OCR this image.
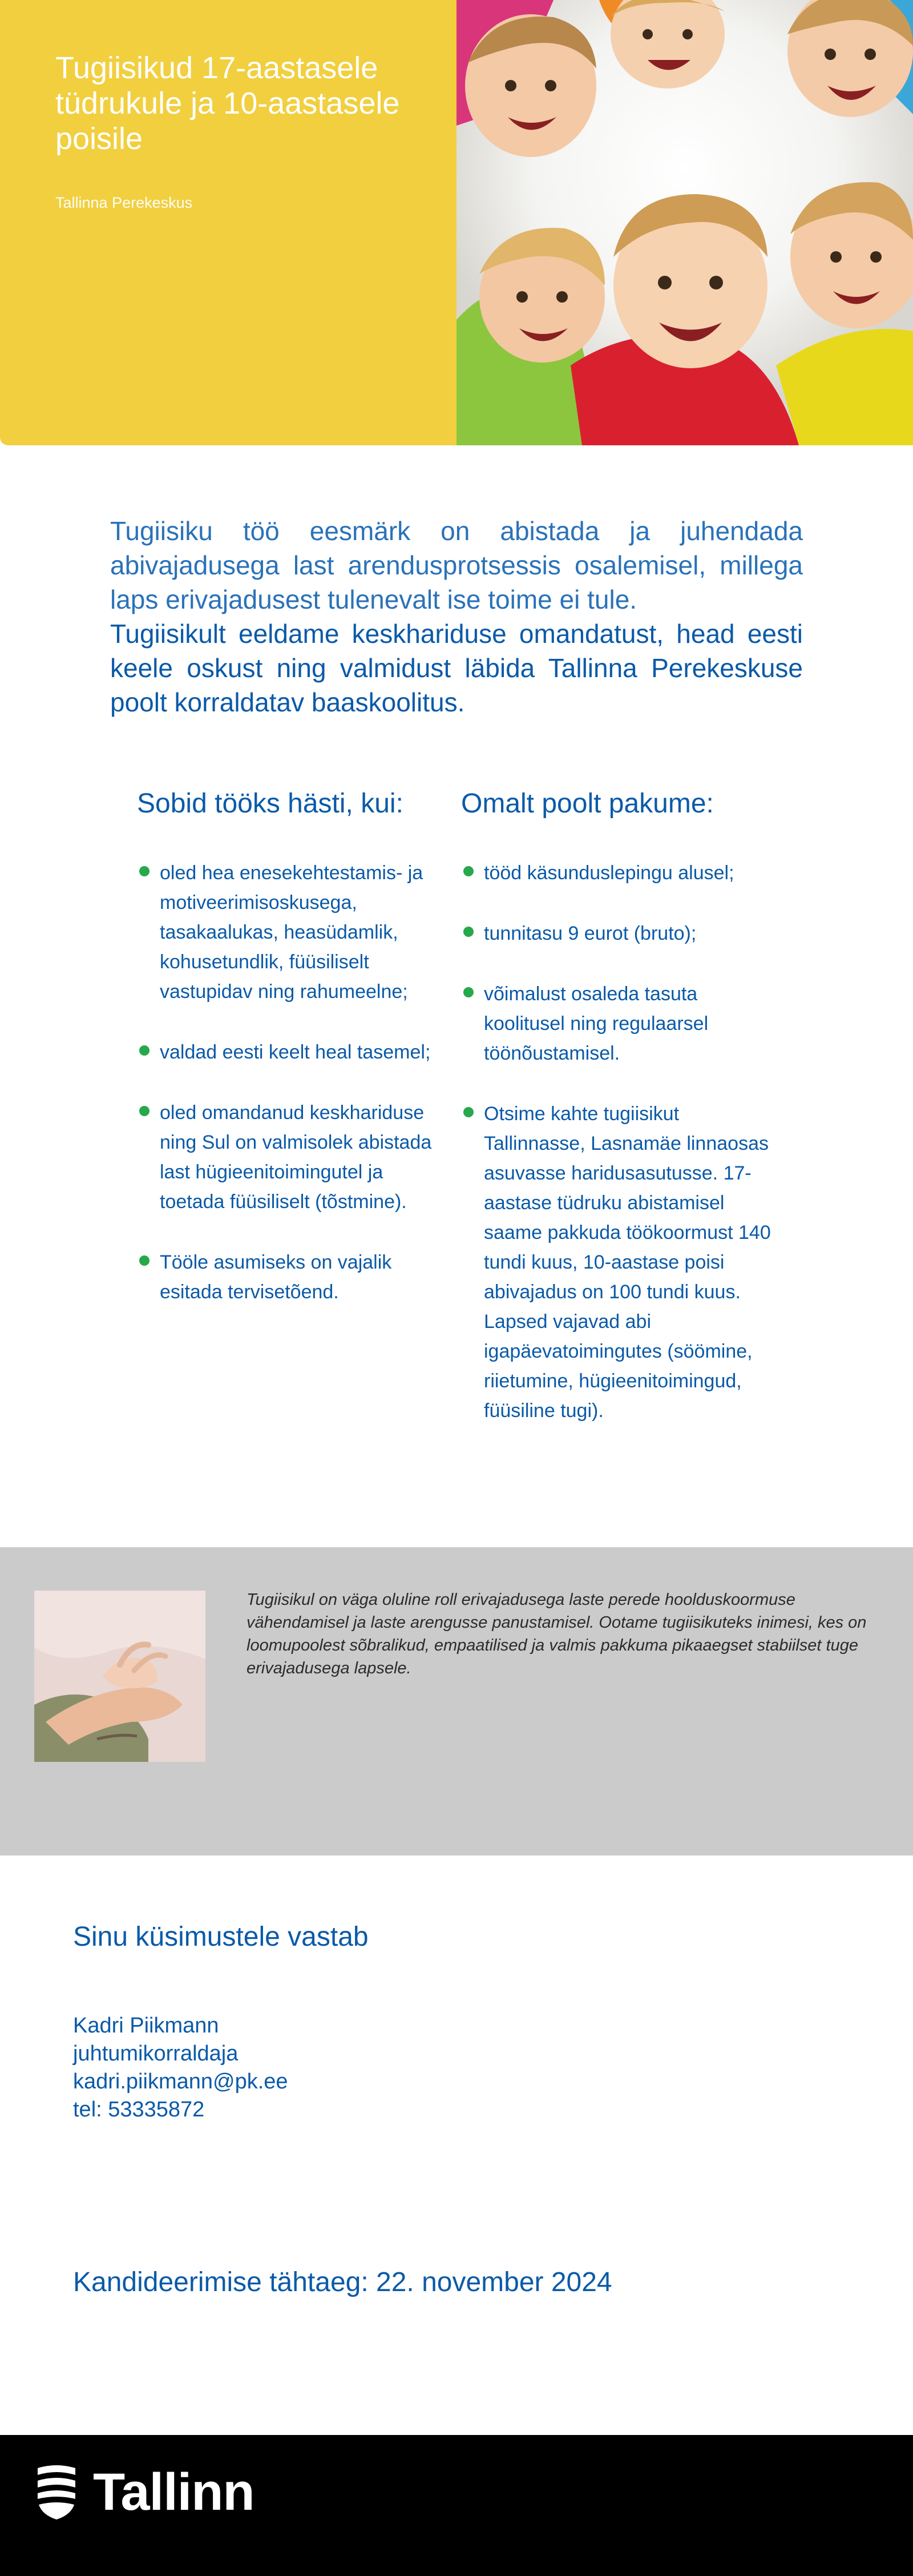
Tugiisikud 17-aastasele tüdrukule ja 10-aastasele poisile
Tallinna Perekeskus

Tugiisiku töö eesmärk on abistada ja juhendada abivajadusega last arendusprotsessis osalemisel, millega laps erivajadusest tulenevalt ise toime ei tule.

Tugiisikult eeldame keskhariduse omandatust, head eesti keele oskust ning valmidust läbida Tallinna Perekeskuse poolt korraldatav baaskoolitus.

Sobid tööks hästi, kui:
oled hea enesekehtestamis- ja motiveerimisoskusega, tasakaalukas, heasüdamlik, kohusetundlik, füüsiliselt vastupidav ning rahumeelne;
valdad eesti keelt heal tasemel;
oled omandanud keskhariduse ning Sul on valmisolek abistada last hügieenitoimingutel ja toetada füüsiliselt (tõstmine).
Tööle asumiseks on vajalik esitada tervisetõend.
Omalt poolt pakume:
tööd käsunduslepingu alusel;
tunnitasu 9 eurot (bruto);
võimalust osaleda tasuta koolitusel ning regulaarsel töönõustamisel.
Otsime kahte tugiisikut Tallinnasse, Lasnamäe linnaosas asuvasse haridusasutusse. 17-aastase tüdruku abistamisel saame pakkuda töökoormust 140 tundi kuus, 10-aastase poisi abivajadus on 100 tundi kuus. Lapsed vajavad abi igapäevatoimingutes (söömine, riietumine, hügieenitoimingud, füüsiline tugi).
Tugiisikul on väga oluline roll erivajadusega laste perede hoolduskoormuse vähendamisel ja laste arengusse panustamisel. Ootame tugiisikuteks inimesi, kes on loomupoolest sõbralikud, empaatilised ja valmis pakkuma pikaaegset stabiilset tuge erivajadusega lapsele.
Sinu küsimustele vastab
Kadri Piikmann
juhtumikorraldaja
kadri.piikmann@pk.ee
tel: 53335872
Kandideerimise tähtaeg: 22. november 2024
Tallinn
